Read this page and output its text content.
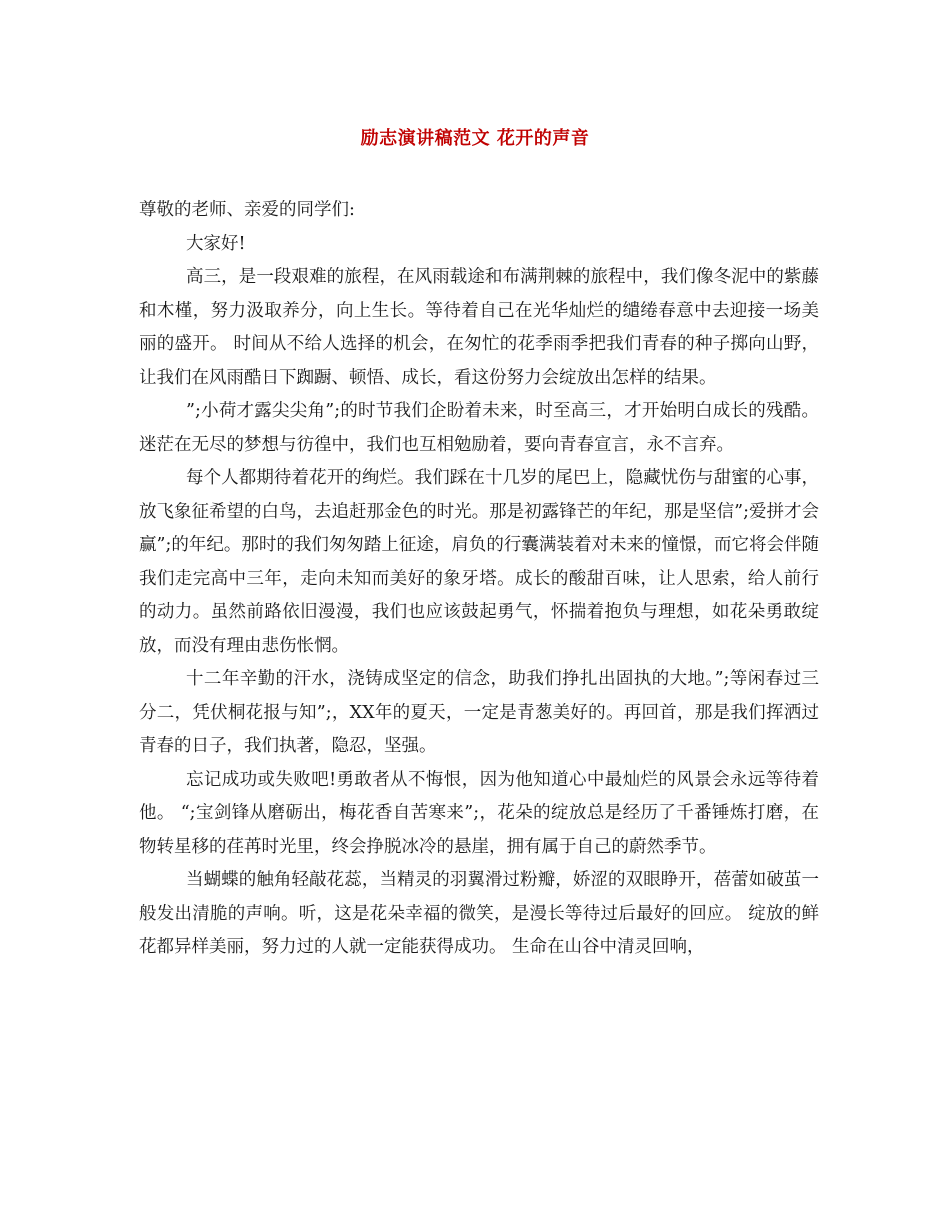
励志演讲稿范文 花开的声音

尊敬的老师、亲爱的同学们:

大家好!

高三，是一段艰难的旅程，在风雨载途和布满荆棘的旅程中，我们像冬泥中的紫藤和木槿，努力汲取养分，向上生长。等待着自己在光华灿烂的缱绻春意中去迎接一场美丽的盛开。 时间从不给人选择的机会，在匆忙的花季雨季把我们青春的种子掷向山野，让我们在风雨酷日下踟蹰、顿悟、成长，看这份努力会绽放出怎样的结果。

”;小荷才露尖尖角”;的时节我们企盼着未来，时至高三，才开始明白成长的残酷。迷茫在无尽的梦想与彷徨中，我们也互相勉励着，要向青春宣言，永不言弃。

每个人都期待着花开的绚烂。我们踩在十几岁的尾巴上，隐藏忧伤与甜蜜的心事，放飞象征希望的白鸟，去追赶那金色的时光。那是初露锋芒的年纪，那是坚信”;爱拼才会赢”;的年纪。那时的我们匆匆踏上征途，肩负的行囊满装着对未来的憧憬，而它将会伴随我们走完高中三年，走向未知而美好的象牙塔。成长的酸甜百味，让人思索，给人前行的动力。虽然前路依旧漫漫，我们也应该鼓起勇气，怀揣着抱负与理想，如花朵勇敢绽放，而没有理由悲伤怅惘。

十二年辛勤的汗水，浇铸成坚定的信念，助我们挣扎出固执的大地。”;等闲春过三分二，凭伏桐花报与知”;，XX年的夏天，一定是青葱美好的。再回首，那是我们挥洒过青春的日子，我们执著，隐忍，坚强。

忘记成功或失败吧!勇敢者从不悔恨，因为他知道心中最灿烂的风景会永远等待着他。 “;宝剑锋从磨砺出，梅花香自苦寒来”;，花朵的绽放总是经历了千番锤炼打磨，在物转星移的荏苒时光里，终会挣脱冰冷的悬崖，拥有属于自己的蔚然季节。

当蝴蝶的触角轻敲花蕊，当精灵的羽翼滑过粉瓣，娇涩的双眼睁开，蓓蕾如破茧一般发出清脆的声响。听，这是花朵幸福的微笑，是漫长等待过后最好的回应。 绽放的鲜花都异样美丽，努力过的人就一定能获得成功。 生命在山谷中清灵回响，
